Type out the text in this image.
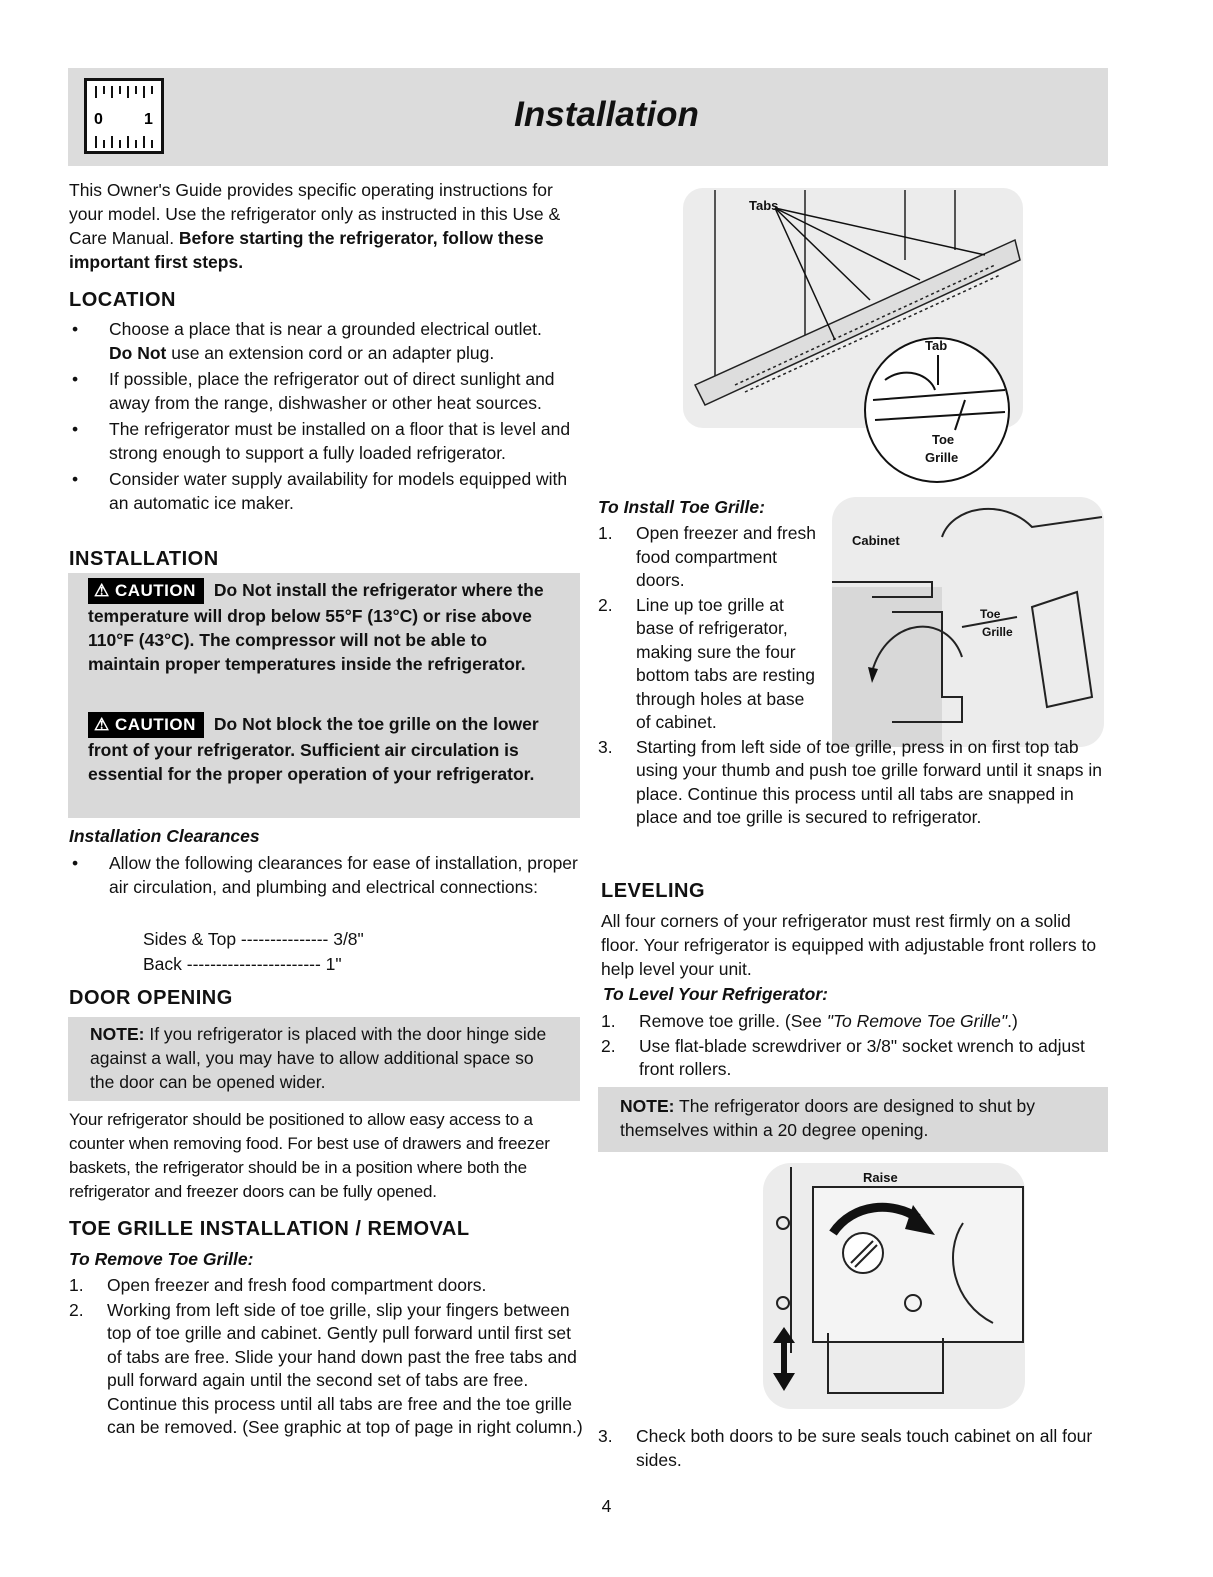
0	1	Installation
This Owner's Guide provides specific operating instructions for your model. Use the refrigerator only as instructed in this Use & Care Manual. Before starting the refrigerator, follow these important first steps.
LOCATION
• Choose a place that is near a grounded electrical outlet.
Do Not use an extension cord or an adapter plug.
• If possible, place the refrigerator out of direct sunlight and away from the range, dishwasher or other heat sources.
• The refrigerator must be installed on a floor that is level and strong enough to support a fully loaded refrigerator.
• Consider water supply availability for models equipped with an automatic ice maker.
INSTALLATION
⚠ CAUTION Do Not install the refrigerator where the temperature will drop below 55°F (13°C) or rise above 110°F (43°C). The compressor will not be able to maintain proper temperatures inside the refrigerator.
⚠ CAUTION Do Not block the toe grille on the lower front of your refrigerator. Sufficient air circulation is essential for the proper operation of your refrigerator.
Installation Clearances
• Allow the following clearances for ease of installation, proper air circulation, and plumbing and electrical connections:
Sides & Top --------------- 3/8"
Back ----------------------- 1"
DOOR OPENING
NOTE: If you refrigerator is placed with the door hinge side against a wall, you may have to allow additional space so the door can be opened wider.
Your refrigerator should be positioned to allow easy access to a counter when removing food. For best use of drawers and freezer baskets, the refrigerator should be in a position where both the refrigerator and freezer doors can be fully opened.
TOE GRILLE INSTALLATION / REMOVAL
To Remove Toe Grille:
1. Open freezer and fresh food compartment doors.
2. Working from left side of toe grille, slip your fingers between top of toe grille and cabinet. Gently pull forward until first set of tabs are free. Slide your hand down past the free tabs and pull forward again until the second set of tabs are free. Continue this process until all tabs are free and the toe grille can be removed. (See graphic at top of page in right column.)
Tabs
Tab
Toe
Grille
To Install Toe Grille:
Cabinet
Toe
Grille
1. Open freezer and fresh food compartment doors.
2. Line up toe grille at base of refrigerator, making sure the four bottom tabs are resting through holes at base of cabinet.
3. Starting from left side of toe grille, press in on first top tab using your thumb and push toe grille forward until it snaps in place. Continue this process until all tabs are snapped in place and toe grille is secured to refrigerator.
LEVELING
All four corners of your refrigerator must rest firmly on a solid floor. Your refrigerator is equipped with adjustable front rollers to help level your unit.
To Level Your Refrigerator:
1. Remove toe grille. (See "To Remove Toe Grille".)
2. Use flat-blade screwdriver or 3/8" socket wrench to adjust front rollers.
NOTE: The refrigerator doors are designed to shut by themselves within a 20 degree opening.
Raise
3. Check both doors to be sure seals touch cabinet on all four sides.
4
